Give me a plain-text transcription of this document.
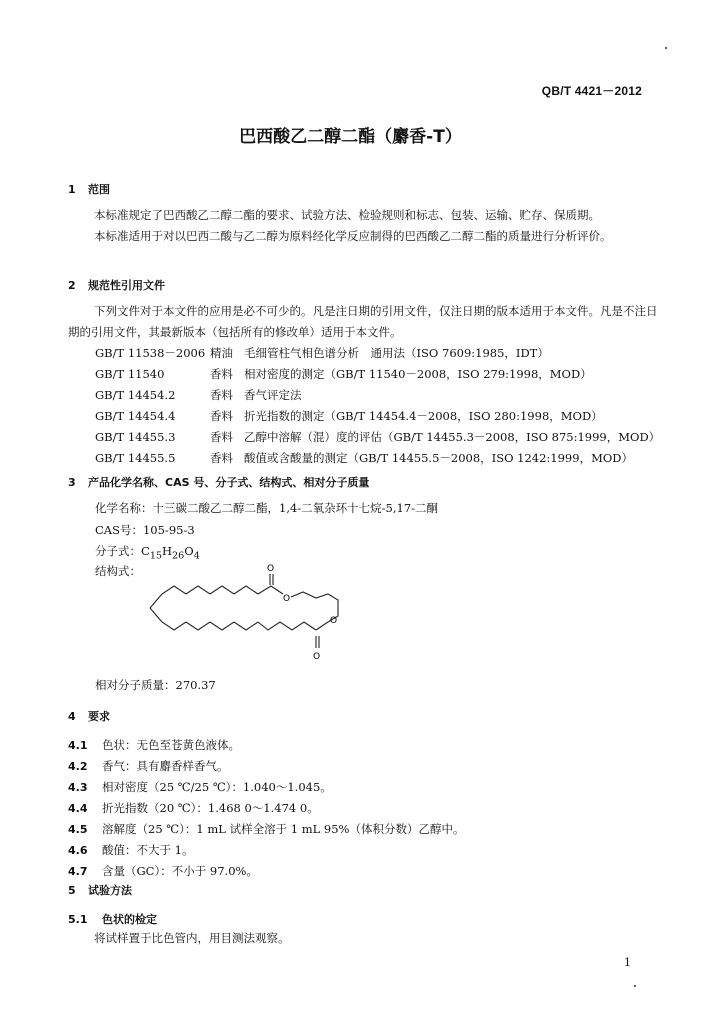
QB/T 4421－2012
巴西酸乙二醇二酯（麝香-T）
1 范围
本标准规定了巴西酸乙二醇二酯的要求、试验方法、检验规则和标志、包装、运输、贮存、保质期。
本标准适用于对以巴西二酸与乙二醇为原料经化学反应制得的巴西酸乙二醇二酯的质量进行分析评价。
2 规范性引用文件
下列文件对于本文件的应用是必不可少的。凡是注日期的引用文件，仅注日期的版本适用于本文件。凡是不注日期的引用文件，其最新版本（包括所有的修改单）适用于本文件。
GB/T 11538－2006 精油 毛细管柱气相色谱分析　通用法（ISO 7609:1985，IDT）
GB/T 11540	香料 相对密度的测定（GB/T 11540－2008，ISO 279:1998，MOD）
GB/T 14454.2	香料 香气评定法
GB/T 14454.4	香料 折光指数的测定（GB/T 14454.4－2008，ISO 280:1998，MOD）
GB/T 14455.3	香料 乙醇中溶解（混）度的评估（GB/T 14455.3－2008，ISO 875:1999，MOD）
GB/T 14455.5	香料 酸值或含酸量的测定（GB/T 14455.5－2008，ISO 1242:1999，MOD）
3 产品化学名称、CAS 号、分子式、结构式、相对分子质量
化学名称：十三碳二酸乙二醇二酯，1,4-二氧杂环十七烷-5,17-二酮
CAS号：105-95-3
分子式：$C_{15}H_{26}O_4$
结构式：	O
O
O
O
相对分子质量：270.37
4 要求
4.1 色状：无色至苍黄色液体。
4.2 香气：具有麝香样香气。
4.3 相对密度（25 ℃/25 ℃）：1.040～1.045。
4.4 折光指数（20 ℃）：1.468 0～1.474 0。
4.5 溶解度（25 ℃）：1 mL 试样全溶于 1 mL 95%（体积分数）乙醇中。
4.6 酸值：不大于 1。
4.7 含量（GC）：不小于 97.0%。
5 试验方法
5.1 色状的检定
将试样置于比色管内，用目测法观察。
1
